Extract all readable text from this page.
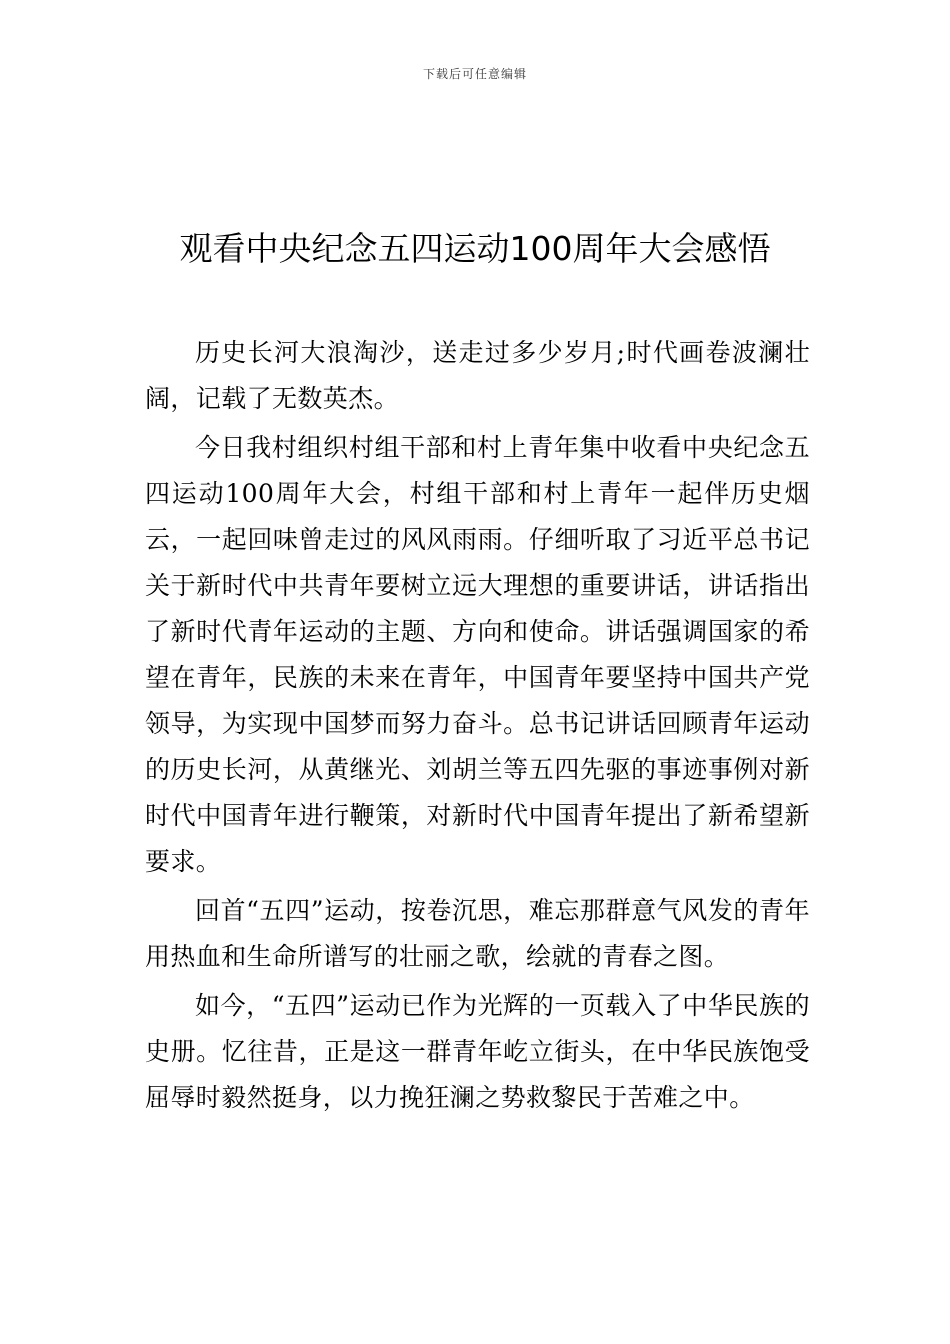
下载后可任意编辑
观看中央纪念五四运动100周年大会感悟

历史长河大浪淘沙，送走过多少岁月;时代画卷波澜壮阔，记载了无数英杰。

今日我村组织村组干部和村上青年集中收看中央纪念五四运动100周年大会，村组干部和村上青年一起伴历史烟云，一起回味曾走过的风风雨雨。仔细听取了习近平总书记关于新时代中共青年要树立远大理想的重要讲话，讲话指出了新时代青年运动的主题、方向和使命。讲话强调国家的希望在青年，民族的未来在青年，中国青年要坚持中国共产党领导，为实现中国梦而努力奋斗。总书记讲话回顾青年运动的历史长河，从黄继光、刘胡兰等五四先驱的事迹事例对新时代中国青年进行鞭策，对新时代中国青年提出了新希望新要求。

回首“五四”运动，按卷沉思，难忘那群意气风发的青年用热血和生命所谱写的壮丽之歌，绘就的青春之图。

如今，“五四”运动已作为光辉的一页载入了中华民族的史册。忆往昔，正是这一群青年屹立街头，在中华民族饱受屈辱时毅然挺身，以力挽狂澜之势救黎民于苦难之中。
